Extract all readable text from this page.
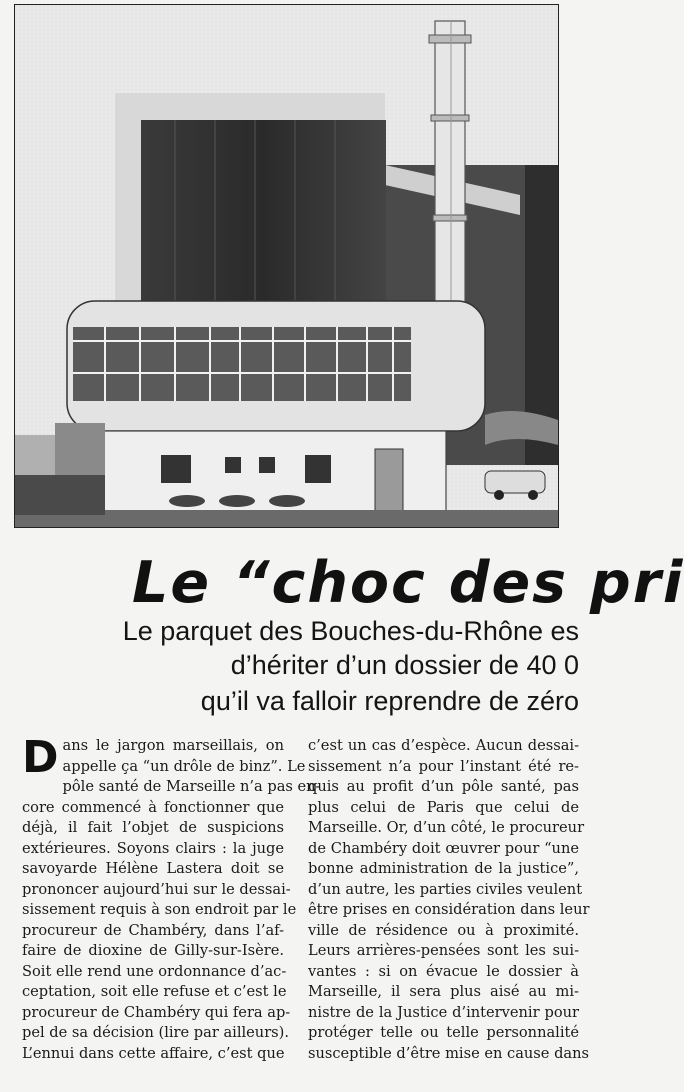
Le “choc des pri
Le parquet des Bouches-du-Rhône es
d’hériter d’un dossier de 40 0
qu’il va falloir reprendre de zéro
D ans le jargon marseillais, on
appelle ça “un drôle de binz”. Le
pôle santé de Marseille n’a pas en-
core commencé à fonctionner que
déjà, il fait l’objet de suspicions
extérieures. Soyons clairs : la juge
savoyarde Hélène Lastera doit se
prononcer aujourd’hui sur le dessai-
sissement requis à son endroit par le
procureur de Chambéry, dans l’af-
faire de dioxine de Gilly-sur-Isère.
Soit elle rend une ordonnance d’ac-
ceptation, soit elle refuse et c’est le
procureur de Chambéry qui fera ap-
pel de sa décision (lire par ailleurs).
L’ennui dans cette affaire, c’est que
c’est un cas d’espèce. Aucun dessai-
sissement n’a pour l’instant été re-
quis au profit d’un pôle santé, pas
plus celui de Paris que celui de
Marseille. Or, d’un côté, le procureur
de Chambéry doit œuvrer pour “une
bonne administration de la justice”,
d’un autre, les parties civiles veulent
être prises en considération dans leur
ville de résidence ou à proximité.
Leurs arrières-pensées sont les sui-
vantes : si on évacue le dossier à
Marseille, il sera plus aisé au mi-
nistre de la Justice d’intervenir pour
protéger telle ou telle personnalité
susceptible d’être mise en cause dans
